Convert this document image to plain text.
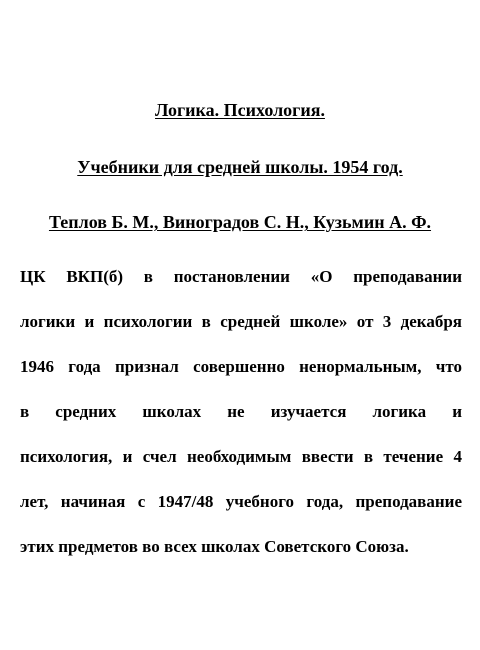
Логика. Психология.
Учебники для средней школы. 1954 год.
Теплов Б. М., Виноградов С. Н., Кузьмин А. Ф.
ЦК ВКП(б) в постановлении «О преподавании
логики и психологии в средней школе» от 3 декабря
1946 года признал совершенно ненормальным, что
в средних школах не изучается логика и
психология, и счел необходимым ввести в течение 4
лет, начиная с 1947/48 учебного года, преподавание
этих предметов во всех школах Советского Союза.
